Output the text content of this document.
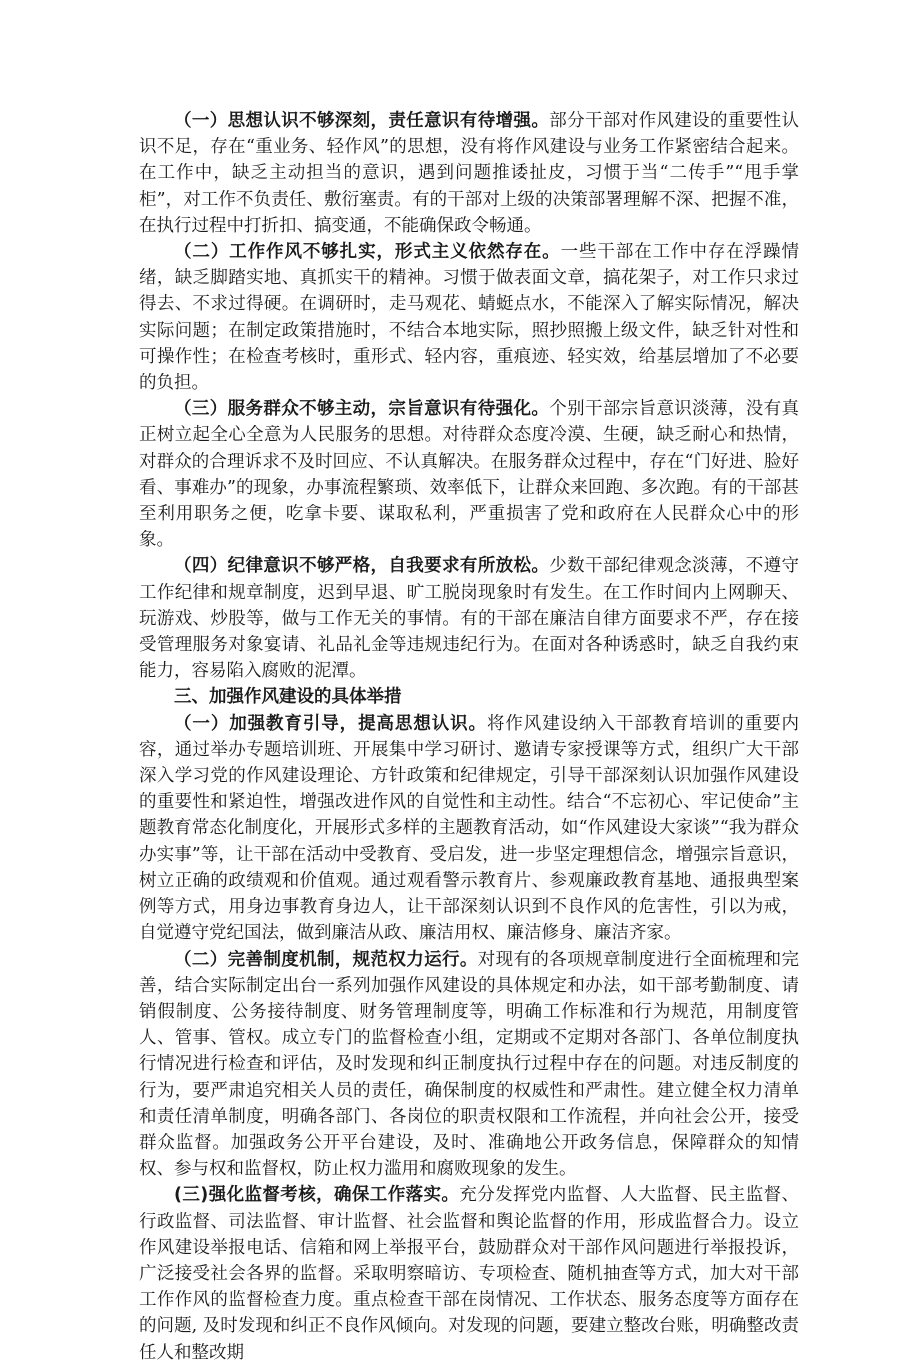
（一）思想认识不够深刻，责任意识有待增强。部分干部对作风建设的重要性认识不足，存在“重业务、轻作风”的思想，没有将作风建设与业务工作紧密结合起来。在工作中，缺乏主动担当的意识，遇到问题推诿扯皮，习惯于当“二传手”“甩手掌柜”，对工作不负责任、敷衍塞责。有的干部对上级的决策部署理解不深、把握不准，在执行过程中打折扣、搞变通，不能确保政令畅通。

（二）工作作风不够扎实，形式主义依然存在。一些干部在工作中存在浮躁情绪，缺乏脚踏实地、真抓实干的精神。习惯于做表面文章，搞花架子，对工作只求过得去、不求过得硬。在调研时，走马观花、蜻蜓点水，不能深入了解实际情况，解决实际问题；在制定政策措施时，不结合本地实际，照抄照搬上级文件，缺乏针对性和可操作性；在检查考核时，重形式、轻内容，重痕迹、轻实效，给基层增加了不必要的负担。

（三）服务群众不够主动，宗旨意识有待强化。个别干部宗旨意识淡薄，没有真正树立起全心全意为人民服务的思想。对待群众态度冷漠、生硬，缺乏耐心和热情，对群众的合理诉求不及时回应、不认真解决。在服务群众过程中，存在“门好进、脸好看、事难办”的现象，办事流程繁琐、效率低下，让群众来回跑、多次跑。有的干部甚至利用职务之便，吃拿卡要、谋取私利，严重损害了党和政府在人民群众心中的形象。

（四）纪律意识不够严格，自我要求有所放松。少数干部纪律观念淡薄，不遵守工作纪律和规章制度，迟到早退、旷工脱岗现象时有发生。在工作时间内上网聊天、玩游戏、炒股等，做与工作无关的事情。有的干部在廉洁自律方面要求不严，存在接受管理服务对象宴请、礼品礼金等违规违纪行为。在面对各种诱惑时，缺乏自我约束能力，容易陷入腐败的泥潭。

三、加强作风建设的具体举措

（一）加强教育引导，提高思想认识。将作风建设纳入干部教育培训的重要内容，通过举办专题培训班、开展集中学习研讨、邀请专家授课等方式，组织广大干部深入学习党的作风建设理论、方针政策和纪律规定，引导干部深刻认识加强作风建设的重要性和紧迫性，增强改进作风的自觉性和主动性。结合“不忘初心、牢记使命”主题教育常态化制度化，开展形式多样的主题教育活动，如“作风建设大家谈”“我为群众办实事”等，让干部在活动中受教育、受启发，进一步坚定理想信念，增强宗旨意识，树立正确的政绩观和价值观。通过观看警示教育片、参观廉政教育基地、通报典型案例等方式，用身边事教育身边人，让干部深刻认识到不良作风的危害性，引以为戒，自觉遵守党纪国法，做到廉洁从政、廉洁用权、廉洁修身、廉洁齐家。

（二）完善制度机制，规范权力运行。对现有的各项规章制度进行全面梳理和完善，结合实际制定出台一系列加强作风建设的具体规定和办法，如干部考勤制度、请销假制度、公务接待制度、财务管理制度等，明确工作标准和行为规范，用制度管人、管事、管权。成立专门的监督检查小组，定期或不定期对各部门、各单位制度执行情况进行检查和评估，及时发现和纠正制度执行过程中存在的问题。对违反制度的行为，要严肃追究相关人员的责任，确保制度的权威性和严肃性。建立健全权力清单和责任清单制度，明确各部门、各岗位的职责权限和工作流程，并向社会公开，接受群众监督。加强政务公开平台建设，及时、准确地公开政务信息，保障群众的知情权、参与权和监督权，防止权力滥用和腐败现象的发生。

(三)强化监督考核，确保工作落实。充分发挥党内监督、人大监督、民主监督、行政监督、司法监督、审计监督、社会监督和舆论监督的作用，形成监督合力。设立作风建设举报电话、信箱和网上举报平台，鼓励群众对干部作风问题进行举报投诉，广泛接受社会各界的监督。采取明察暗访、专项检查、随机抽查等方式，加大对干部工作作风的监督检查力度。重点检查干部在岗情况、工作状态、服务态度等方面存在的问题, 及时发现和纠正不良作风倾向。对发现的问题，要建立整改台账，明确整改责任人和整改期
